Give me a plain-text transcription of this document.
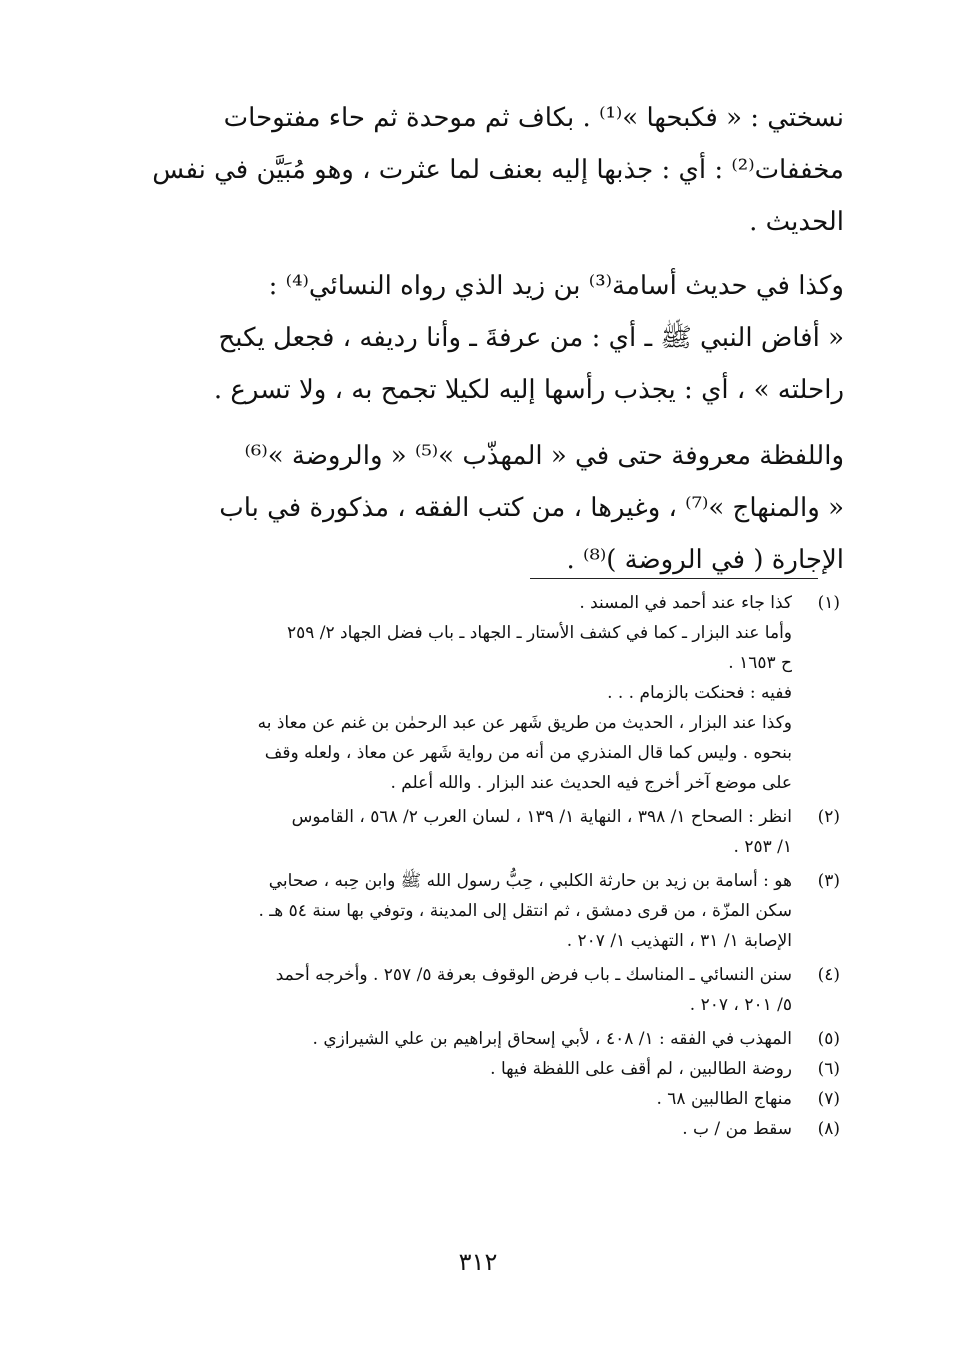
نسختي : « فكبحها »⁽¹⁾ . بكاف ثم موحدة ثم حاء مفتوحات
مخففات⁽²⁾ : أي : جذبها إليه بعنف لما عثرت ، وهو مُبَيَّن في نفس
الحديث .
وكذا في حديث أسامة⁽³⁾ بن زيد الذي رواه النسائي⁽⁴⁾ :
« أفاض النبي ﷺ ـ أي : من عرفةَ ـ وأنا رديفه ، فجعل يكبح
راحلته » ، أي : يجذب رأسها إليه لكيلا تجمح به ، ولا تسرع .
واللفظة معروفة حتى في « المهذّب »⁽⁵⁾ « والروضة »⁽⁶⁾
« والمنهاج »⁽⁷⁾ ، وغيرها ، من كتب الفقه ، مذكورة في باب
الإجارة ( في الروضة )⁽⁸⁾ .
(١)
كذا جاء عند أحمد في المسند .
وأما عند البزار ـ كما في كشف الأستار ـ الجهاد ـ باب فضل الجهاد ٢/ ٢٥٩
ح ١٦٥٣ .
ففيه : فحنكت بالزمام . . .
وكذا عند البزار ، الحديث من طريق شَهر عن عبد الرحمٰن بن غنم عن معاذ به
بنحوه . وليس كما قال المنذري من أنه من رواية شَهر عن معاذ ، ولعله وقف
على موضع آخر أخرج فيه الحديث عند البزار . والله أعلم .
(٢)
انظر : الصحاح ١/ ٣٩٨ ، النهاية ١/ ١٣٩ ، لسان العرب ٢/ ٥٦٨ ، القاموس
١/ ٢٥٣ .
(٣)
هو : أسامة بن زيد بن حارثة الكلبي ، حِبُّ رسول الله ﷺ وابن حِبه ، صحابي
سكن المزّة ، من قرى دمشق ، ثم انتقل إلى المدينة ، وتوفي بها سنة ٥٤ هـ .
الإصابة ١/ ٣١ ، التهذيب ١/ ٢٠٧ .
(٤)
سنن النسائي ـ المناسك ـ باب فرض الوقوف بعرفة ٥/ ٢٥٧ . وأخرجه أحمد
٥/ ٢٠١ ، ٢٠٧ .
(٥)
المهذب في الفقه : ١/ ٤٠٨ ، لأبي إسحاق إبراهيم بن علي الشيرازي .
(٦)
روضة الطالبين ، لم أقف على اللفظة فيها .
(٧)
منهاج الطالبين ٦٨ .
(٨)
سقط من / ب .
٣١٢
